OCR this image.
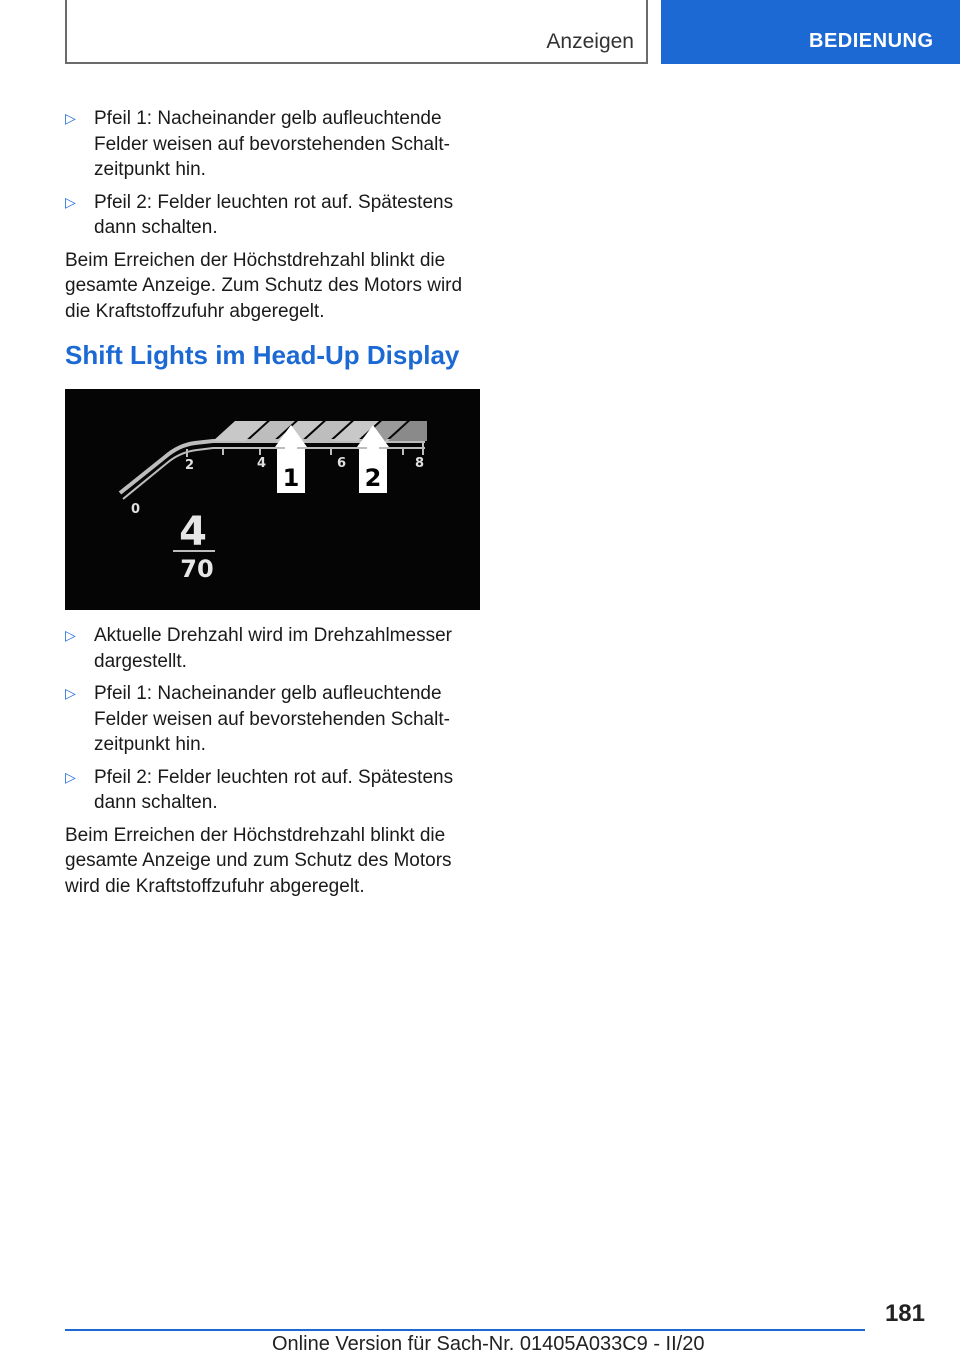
Anzeigen	BEDIENUNG
▷ Pfeil 1: Nacheinander gelb aufleuchtende Felder weisen auf bevorstehenden Schaltzeitpunkt hin.
▷ Pfeil 2: Felder leuchten rot auf. Spätestens dann schalten.

Beim Erreichen der Höchstdrehzahl blinkt die gesamte Anzeige. Zum Schutz des Motors wird die Kraftstoffzufuhr abgeregelt.

Shift Lights im Head-Up Display
0
2	4	6	8
1	2
4
70
▷ Aktuelle Drehzahl wird im Drehzahlmesser dargestellt.
▷ Pfeil 1: Nacheinander gelb aufleuchtende Felder weisen auf bevorstehenden Schaltzeitpunkt hin.
▷ Pfeil 2: Felder leuchten rot auf. Spätestens dann schalten.

Beim Erreichen der Höchstdrehzahl blinkt die gesamte Anzeige und zum Schutz des Motors wird die Kraftstoffzufuhr abgeregelt.

181
Online Version für Sach-Nr. 01405A033C9 - II/20
